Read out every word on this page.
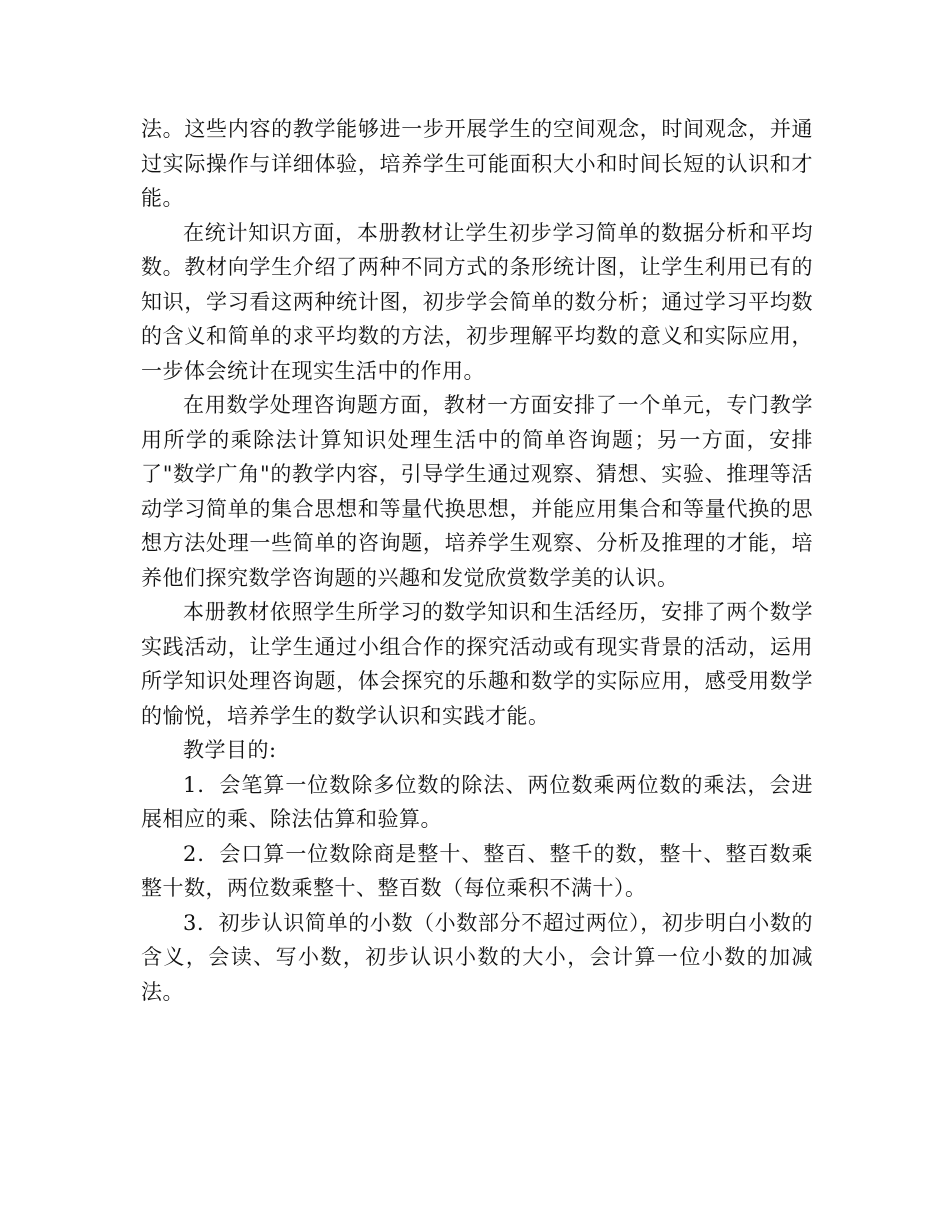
法。这些内容的教学能够进一步开展学生的空间观念，时间观念，并通过实际操作与详细体验，培养学生可能面积大小和时间长短的认识和才能。

在统计知识方面，本册教材让学生初步学习简单的数据分析和平均数。教材向学生介绍了两种不同方式的条形统计图，让学生利用已有的知识，学习看这两种统计图，初步学会简单的数分析；通过学习平均数的含义和简单的求平均数的方法，初步理解平均数的意义和实际应用，一步体会统计在现实生活中的作用。

在用数学处理咨询题方面，教材一方面安排了一个单元，专门教学用所学的乘除法计算知识处理生活中的简单咨询题；另一方面，安排了"数学广角"的教学内容，引导学生通过观察、猜想、实验、推理等活动学习简单的集合思想和等量代换思想，并能应用集合和等量代换的思想方法处理一些简单的咨询题，培养学生观察、分析及推理的才能，培养他们探究数学咨询题的兴趣和发觉欣赏数学美的认识。

本册教材依照学生所学习的数学知识和生活经历，安排了两个数学实践活动，让学生通过小组合作的探究活动或有现实背景的活动，运用所学知识处理咨询题，体会探究的乐趣和数学的实际应用，感受用数学的愉悦，培养学生的数学认识和实践才能。

教学目的:

1．会笔算一位数除多位数的除法、两位数乘两位数的乘法，会进展相应的乘、除法估算和验算。

2．会口算一位数除商是整十、整百、整千的数，整十、整百数乘整十数，两位数乘整十、整百数（每位乘积不满十）。

3．初步认识简单的小数（小数部分不超过两位），初步明白小数的含义，会读、写小数，初步认识小数的大小，会计算一位小数的加减法。
